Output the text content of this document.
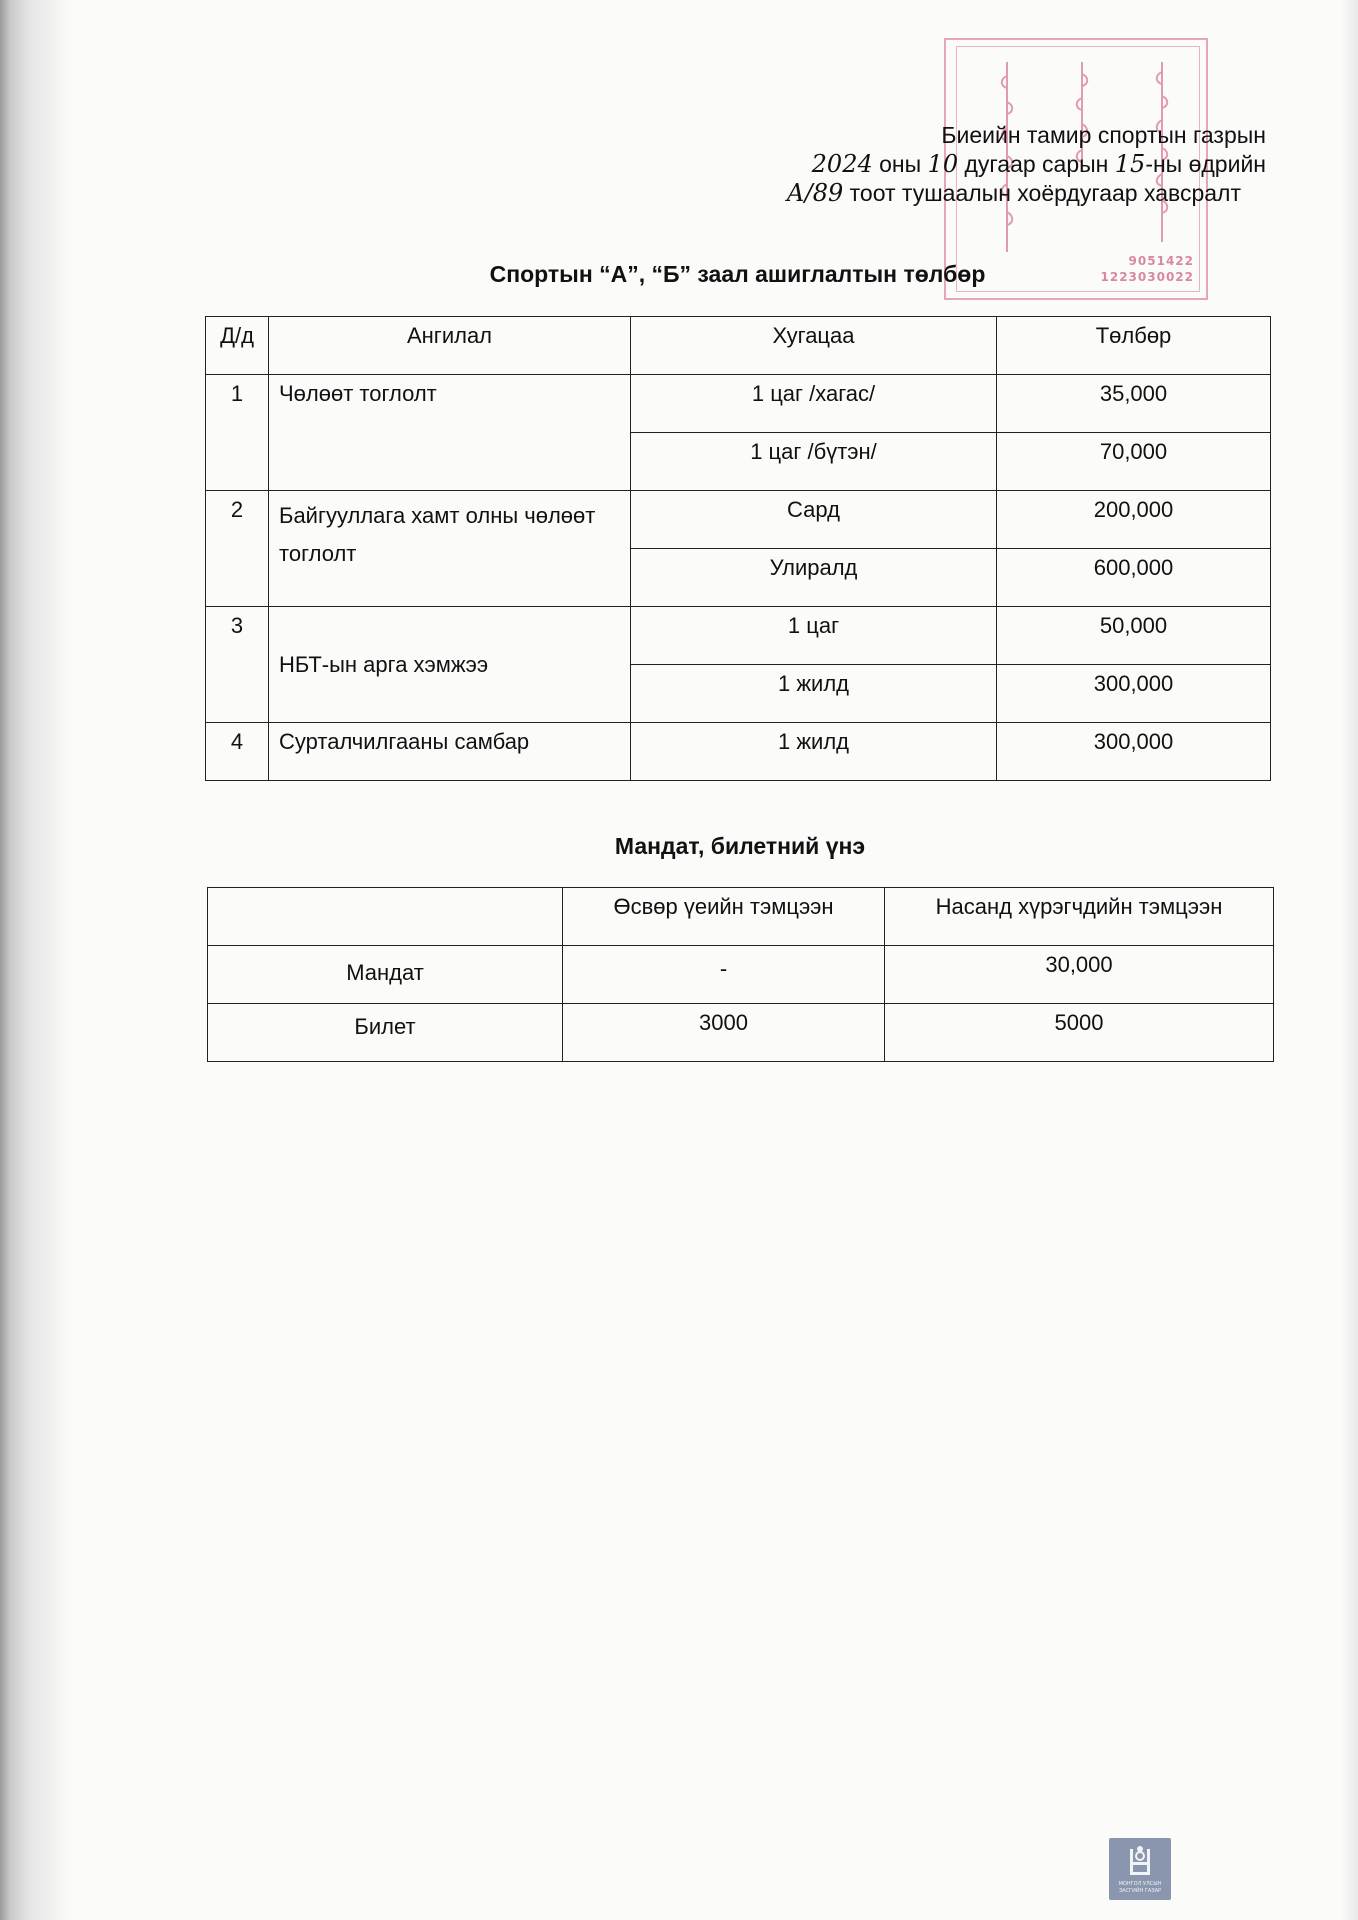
9051422
1223030022
Биеийн тамир спортын газрын
2024 оны 10 дугаар сарын 15-ны өдрийн
А/89 тоот тушаалын хоёрдугаар хавсралт
Спортын “А”, “Б” заал ашиглалтын төлбөр
Д/д	Ангилал	Хугацаа	Төлбөр
1	Чөлөөт тоглолт	1 цаг /хагас/	35,000
		1 цаг /бүтэн/	70,000
2	Байгууллага хамт олны чөлөөт тоглолт	Сард	200,000
		Улиралд	600,000
3	НБТ-ын арга хэмжээ	1 цаг	50,000
		1 жилд	300,000
4	Сурталчилгааны самбар	1 жилд	300,000
Мандат, билетний үнэ
	Өсвөр үеийн тэмцээн	Насанд хүрэгчдийн тэмцээн
Мандат	-	30,000
Билет	3000	5000
МОНГОЛ УЛСЫН
ЗАСГИЙН ГАЗАР
